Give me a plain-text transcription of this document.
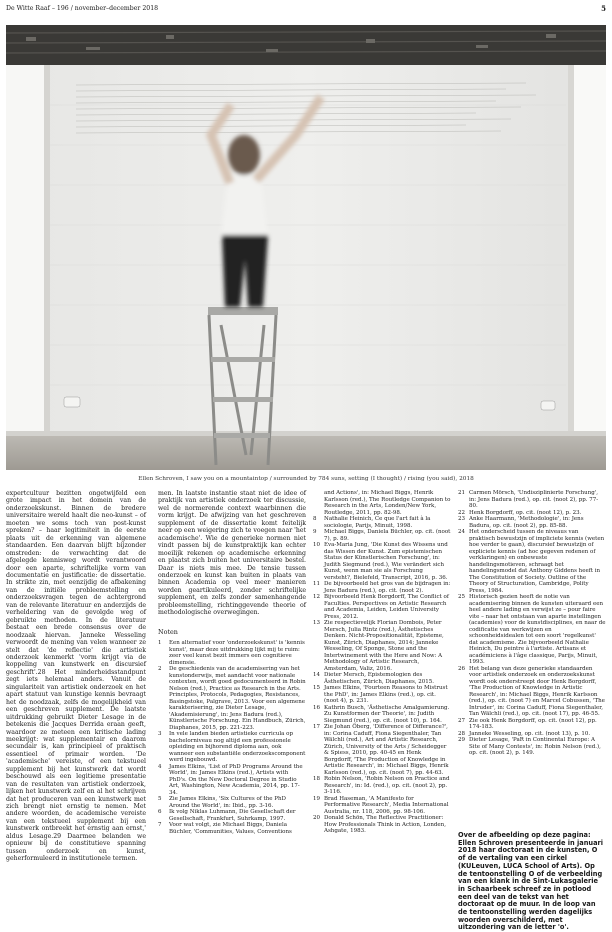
De Witte Raaf – 196 / november–december 2018	5
Ellen Schroven, I saw you on a mountaintop / surrounded by 784 suns, setting (I thought) / rising (you said), 2018

expertcultuur bezitten ongetwijfeld een grote impact in het domein van de onderzoekskunst. Binnen de bredere universitaire wereld haalt die neo-kunst – of moeten we soms toch van post-kunst spreken? – haar legitimiteit in de eerste plaats uit de erkenning van algemene standaarden. Een daarvan blijft bijzonder omstreden: de verwachting dat de afgelegde kennisweg wordt verantwoord door een aparte, schriftelijke vorm van documentatie en justificatie: de dissertatie. In strikte zin, met eenzijdig de afbakening van de initiële probleemstelling en onderzoeksvragen tegen de achtergrond van de relevante literatuur en anderzijds de verheldering van de gevolgde weg of gebruikte methoden. In de literatuur bestaat een brede consensus over de noodzaak hiervan. Janneke Wesseling verwoordt de mening van velen wanneer ze stelt dat 'de reflectie' die artistiek onderzoek kenmerkt 'vorm krijgt via de koppeling van kunstwerk en discursief geschrift'.28 Het minderheidsstandpunt zegt iets helemaal anders. Vanuit de singulariteit van artistiek onderzoek en het apart statuut van kunstige kennis bevraagt het de noodzaak, zelfs de mogelijkheid van een geschreven supplement. De laatste uitdrukking gebruikt Dieter Lesage in de betekenis die Jacques Derrida eraan geeft, waardoor ze meteen een kritische lading meekrijgt: wat supplementair en daarom secundair is, kan principieel of praktisch essentieel of primair worden. 'De 'academische' vereiste, of een tekstueel supplement bij het kunstwerk dat wordt beschouwd als een legitieme presentatie van de resultaten van artistiek onderzoek, lijken het kunstwerk zelf en al het schrijven dat het produceren van een kunstwerk met zich brengt niet ernstig te nemen. Met andere woorden, de academische vereiste van een tekstueel supplement bij een kunstwerk ontbreekt het ernstig aan ernst,' aldus Lesage.29 Daarmee belanden we opnieuw bij de constitutieve spanning tussen onderzoek en kunst, geherformuleerd in institutionele termen.

men. In laatste instantie staat niet de idee of praktijk van artistiek onderzoek ter discussie, wel de normerende context waarbinnen die vorm krijgt. De afwijzing van het geschreven supplement of de dissertatie komt feitelijk neer op een weigering zich te voegen naar 'het academische'. Wie de generieke normen niet vindt passen bij de kunstpraktijk kan echter moeilijk rekenen op academische erkenning en plaatst zich buiten het universitaire bestel. Daar is niets mis mee. De tensie tussen onderzoek en kunst kan buiten in plaats van binnen Academia op veel meer manieren worden geartikuleerd, zonder schriftelijke supplement, en zelfs zonder samenhangende probleemstelling, richtinggevende theorie of methodologische overwegingen.

Noten
1	Een alternatief voor 'onderzoekskunst' is 'kennis kunst', maar deze uitdrukking lijkt mij te ruim: zeer veel kunst bezit immers een cognitieve dimensie.
2	De geschiedenis van de academisering van het kunstonderwijs, met aandacht voor nationale contexten, wordt goed gedocumenteerd in Robin Nelson (red.), Practice as Research in the Arts. Principles, Protocols, Pedagogies, Resistances, Basingstoke, Palgrave, 2013. Voor een algemene karakterisering, zie Dieter Lesage, 'Akademisierung', in: Jens Badura (red.), Künstlerische Forschung. Ein Handbuch, Zürich, Diaphanes, 2015, pp. 221-223.
3	In vele landen bieden artistieke curricula op bachelorniveau nog altijd een professionele opleiding en bijhorend diploma aan, ook wanneer een substantiële onderzoekscomponent werd ingebouwd.
4	James Elkins, 'List of PhD Programs Around the World', in: James Elkins (red.), Artists with PhD's. On the New Doctoral Degree in Studio Art, Washington, New Academia, 2014, pp. 17-34.
5	Zie James Elkins, 'Six Cultures of the PhD Around the World', in: Ibid., pp. 3-16.
6	Ik volg Niklas Luhmann, Die Gesellschaft der Gesellschaft, Frankfurt, Suhrkamp, 1997.
7	Voor wat volgt, zie Michael Biggs, Daniela Büchler, 'Communities, Values, Conventions
and Actions', in: Michael Biggs, Henrik Karlsson (red.), The Routledge Companion to Research in the Arts, Londen/New York, Routledge, 2011, pp. 82-98.
8	Nathalie Heinich, Ce que l'art fait à la sociologie, Parijs, Minuit, 1998.
9	Michael Biggs, Daniela Büchler, op. cit. (noot 7), p. 89.
10 Eva-Maria Jung, 'Die Kunst des Wissens und das Wissen der Kunst. Zum epistemischen Status der Künstlerischen Forschung', in: Judith Siegmund (red.), Wie verändert sich Kunst, wenn man sie als Forschung versteht?, Bielefeld, Transcript, 2016, p. 36.
11 De bijvoorbeeld het gros van de bijdragen in: Jens Badura (red.), op. cit. (noot 2).
12 Bijvoorbeeld Henk Borgdorff, The Conflict of Faculties. Perspectives on Artistic Research and Academia, Leiden, Leiden University Press, 2012.
13 Zie respectievelijk Florian Dombois, Peter Mersch, Julia Rintz (red.), Ästhetisches Denken. Nicht-Propositionalität, Episteme, Kunst, Zürich, Diaphanes, 2014; Janneke Wesseling, Of Sponge, Stone and the Intertwinement with the Here and Now: A Methodology of Artistic Research, Amsterdam, Valiz, 2016.
14 Dieter Mersch, Epistemologien des Ästhetischen, Zürich, Diaphanes, 2015.
15 James Elkins, 'Fourteen Reasons to Mistrust the PhD', in: James Elkins (red.), op. cit. (noot 4), p. 231.
16 Kathrin Busch, 'Ästhetische Amalgamierung. Zu Kunstformen der Theorie', in: Judith Siegmund (red.), op. cit. (noot 10), p. 164.
17 Zie Johan Öberg, 'Difference of Differance?', in: Corina Caduff, Fiona Siegenthaler, Tan Wälchli (red.), Art and Artistic Research, Zürich, University of the Arts / Scheidegger & Spiess, 2010, pp. 40-45 en Henk Borgdorff, 'The Production of Knowledge in Artistic Research', in: Michael Biggs, Henrik Karlsson (red.), op. cit. (noot 7), pp. 44-63.
18 Robin Nelson, 'Robin Nelson on Practice and Research', in: Id. (red.), op. cit. (noot 2), pp. 3-116.
19 Brad Haseman, 'A Manifesto for Performative Research', Media International Australia, nr. 118, 2006, pp. 98-106.
20 Donald Schön, The Reflective Practitioner: How Professionals Think in Action, Londen, Ashgate, 1983.
21 Carmen Mörsch, 'Undisziplinierte Forschung', in: Jens Badura (red.), op. cit. (noot 2), pp. 77-80.
22 Henk Borgdorff, op. cit. (noot 12), p. 23.
23 Anke Haarmann, 'Methodologie', in: Jens Badura, op. cit. (noot 2), pp. 85-88.
24 Het onderscheid tussen de niveaus van praktisch bewustzijn of impliciete kennis (weten hoe verder te gaan), discursief bewustzijn of expliciete kennis (ad hoc gegeven redenen of verklaringen) en onbewuste handelingsmotieven, schraagt het handelingsmodel dat Anthony Giddens heeft in The Constitution of Society. Outline of the Theory of Structuration, Cambridge, Polity Press, 1984.
25 Historisch gezien heeft de notie van academisering binnen de kunsten uiteraard een heel andere lading en verwijst ze – pour faire vite – naar het ontstaan van aparte instellingen (academies) voor de kunstdisciplines, en naar de codificatie van werkwijzen en schoonheidsidealen tot een soort 'regelkunst' dat academisme. Zie bijvoorbeeld Nathalie Heinich, Du peintre à l'artiste. Artisans et académiciens à l'âge classique, Parijs, Minuit, 1993.
26 Het belang van deze generieke standaarden voor artistiek onderzoek en onderzoekskunst wordt ook onderstreept door Henk Borgdorff, 'The Production of Knowledge in Artistic Research', in: Michael Biggs, Henrik Karlsson (red.), op. cit. (noot 7) en Marcel Cobussen, 'The Intruder', in: Corina Caduff, Fiona Siegenthaler, Tan Wälchli (red.), op. cit. (noot 17), pp. 46-55.
27 Zie ook Henk Borgdorff, op. cit. (noot 12), pp. 174-183.
28 Janneke Wesseling, op. cit. (noot 13), p. 10.
29 Dieter Lesage, 'PaR in Continental Europe: A Site of Many Contests', in: Robin Nelson (red.), op. cit. (noot 2), p. 149.
Over de afbeelding op deze pagina: Ellen Schroven presenteerde in januari 2018 haar doctoraat in de kunsten, O of de vertaling van een cirkel (KULeuven, LUCA School of Arts). Op de tentoonstelling O of de verbeelding van een klank in de Sint-Lukasgalerie in Schaarbeek schreef ze in potlood een deel van de tekst van het doctoraat op de muur. In de loop van de tentoonstelling werden dagelijks woorden overschilderd, met uitzondering van de letter 'o'.
